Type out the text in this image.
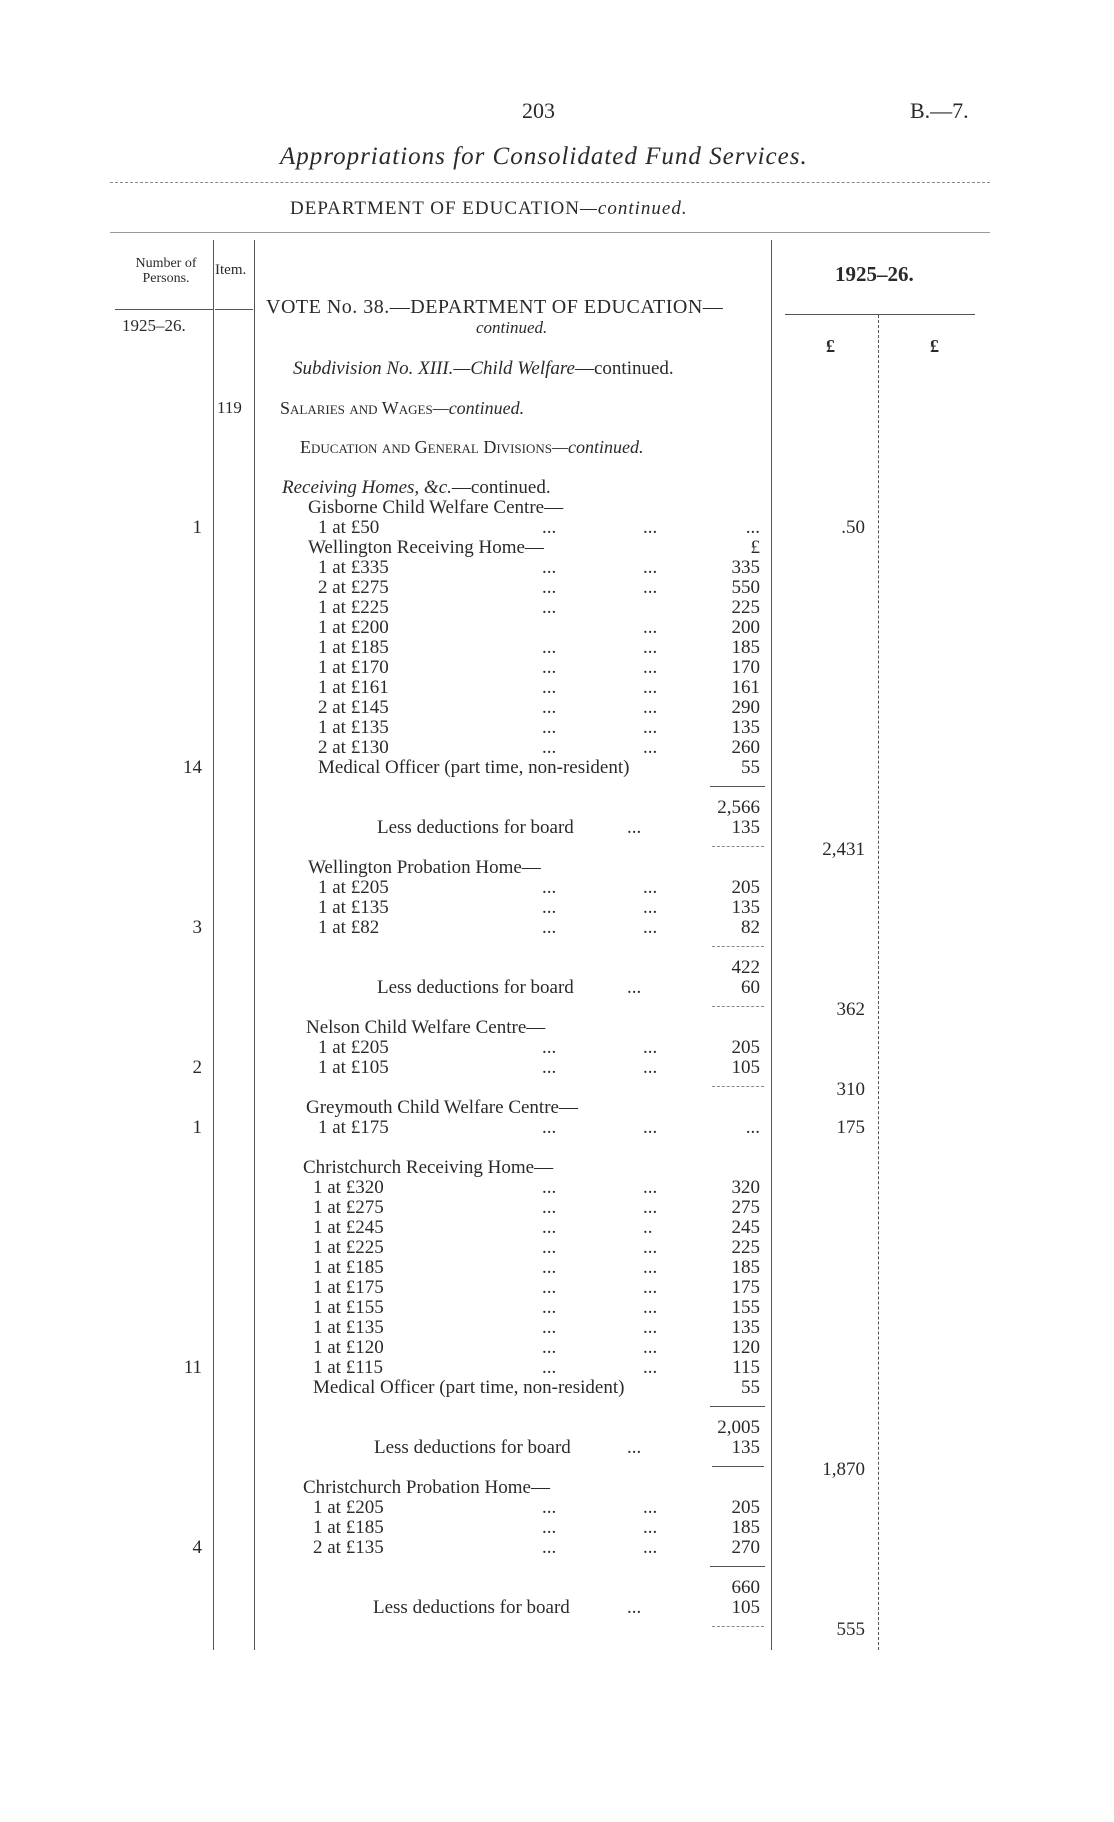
203	B.—7.
Appropriations for Consolidated Fund Services.
DEPARTMENT OF EDUCATION—continued.
Number of Persons.
Item.	1925–26.
1925–26.
£	£
VOTE No. 38.—DEPARTMENT OF EDUCATION—
continued.
Subdivision No. XIII.—Child Welfare—continued.
119 Salaries and Wages—continued.
Education and General Divisions—continued.
Receiving Homes, &c.—continued.
Gisborne Child Welfare Centre—
1	1 at £50	...	...	...	.50
Wellington Receiving Home—	£
1 at £335	...	...	335
2 at £275	...	...	550
1 at £225	...	225
1 at £200	...	200
1 at £185	...	...	185
1 at £170	...	...	170
1 at £161	...	...	161
2 at £145	...	...	290
1 at £135	...	...	135
2 at £130	...	...	260
14	Medical Officer (part time, non-resident)	55
2,566
Less deductions for board	...	135
2,431
Wellington Probation Home—
1 at £205	...	...	205
1 at £135	...	...	135
3	1 at £82	...	...	82
422
Less deductions for board	...	60
362
Nelson Child Welfare Centre—
1 at £205	...	...	205
2	1 at £105	...	...	105
310
Greymouth Child Welfare Centre—
1	1 at £175	...	...	...	175
Christchurch Receiving Home—
1 at £320	...	...	320
1 at £275	...	...	275
1 at £245	...	..	245
1 at £225	...	...	225
1 at £185	...	...	185
1 at £175	...	...	175
1 at £155	...	...	155
1 at £135	...	...	135
1 at £120	...	...	120
11	1 at £115	...	...	115
Medical Officer (part time, non-resident)	55
2,005
Less deductions for board	...	135
1,870
Christchurch Probation Home—
1 at £205	...	...	205
1 at £185	...	...	185
4	2 at £135	...	...	270
660
Less deductions for board	...	105
555
